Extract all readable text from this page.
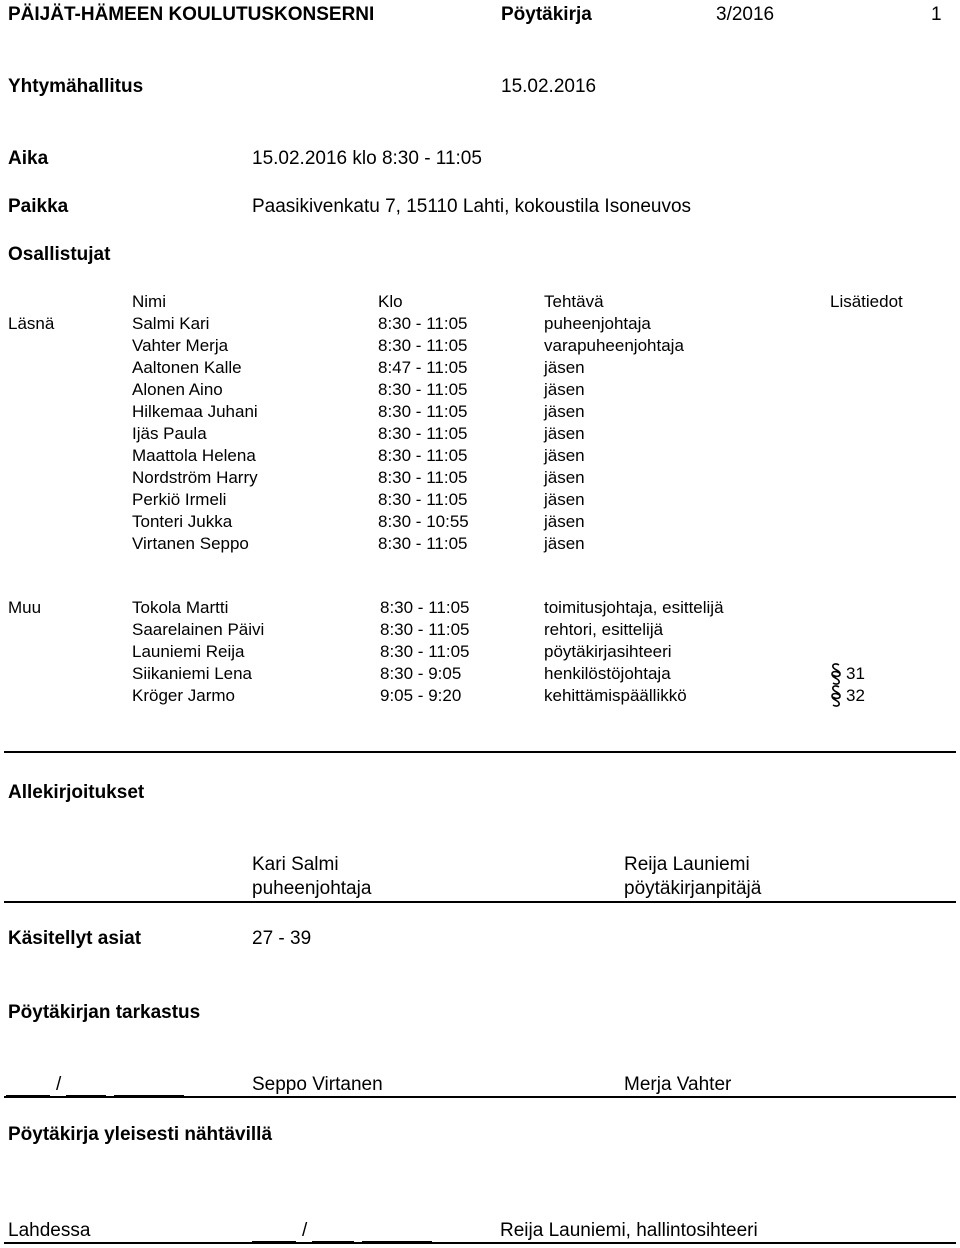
PÄIJÄT-HÄMEEN KOULUTUSKONSERNI	Pöytäkirja	3/2016	1
Yhtymähallitus	15.02.2016
Aika	15.02.2016 klo 8:30 - 11:05
Paikka	Paasikivenkatu 7, 15110 Lahti, kokoustila Isoneuvos
Osallistujat
Nimi	Klo	Tehtävä	Lisätiedot
Läsnä	Salmi Kari	8:30 - 11:05	puheenjohtaja
Vahter Merja	8:30 - 11:05	varapuheenjohtaja
Aaltonen Kalle	8:47 - 11:05	jäsen
Alonen Aino	8:30 - 11:05	jäsen
Hilkemaa Juhani	8:30 - 11:05	jäsen
Ijäs Paula	8:30 - 11:05	jäsen
Maattola Helena	8:30 - 11:05	jäsen
Nordström Harry	8:30 - 11:05	jäsen
Perkiö Irmeli	8:30 - 11:05	jäsen
Tonteri Jukka	8:30 - 10:55	jäsen
Virtanen Seppo	8:30 - 11:05	jäsen
Muu	Tokola Martti	8:30 - 11:05	toimitusjohtaja, esittelijä
Saarelainen Päivi	8:30 - 11:05	rehtori, esittelijä
Launiemi Reija	8:30 - 11:05	pöytäkirjasihteeri
Siikaniemi Lena	8:30 - 9:05	henkilöstöjohtaja	31
Kröger Jarmo	9:05 - 9:20	kehittämispäällikkö	32
Allekirjoitukset
Kari Salmi
puheenjohtaja
Reija Launiemi
pöytäkirjanpitäjä
Käsitellyt asiat	27 - 39
Pöytäkirjan tarkastus
/	Seppo Virtanen	Merja Vahter
Pöytäkirja yleisesti nähtävillä
Lahdessa	/	Reija Launiemi, hallintosihteeri
